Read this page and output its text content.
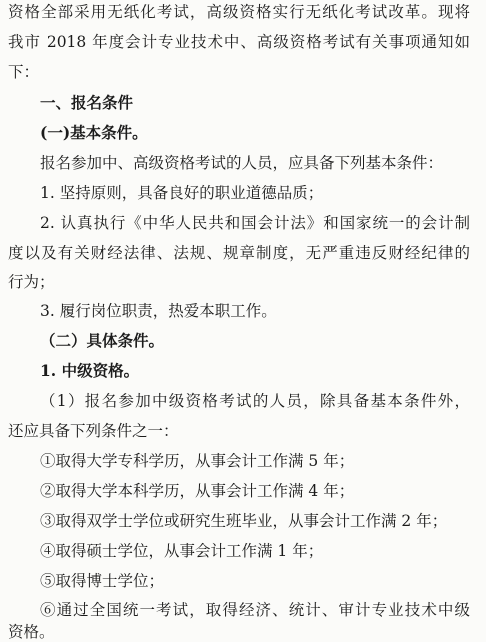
资格全部采用无纸化考试，高级资格实行无纸化考试改革。现将
我市 2018 年度会计专业技术中、高级资格考试有关事项通知如
下：
一、报名条件
(一)基本条件。
报名参加中、高级资格考试的人员，应具备下列基本条件：
1. 坚持原则，具备良好的职业道德品质；
2. 认真执行《中华人民共和国会计法》和国家统一的会计制
度以及有关财经法律、法规、规章制度，无严重违反财经纪律的
行为；
3. 履行岗位职责，热爱本职工作。
（二）具体条件。
1. 中级资格。
（1）报名参加中级资格考试的人员，除具备基本条件外，
还应具备下列条件之一：
①取得大学专科学历，从事会计工作满 5 年；
②取得大学本科学历，从事会计工作满 4 年；
③取得双学士学位或研究生班毕业，从事会计工作满 2 年；
④取得硕士学位，从事会计工作满 1 年；
⑤取得博士学位；
⑥通过全国统一考试，取得经济、统计、审计专业技术中级
资格。
